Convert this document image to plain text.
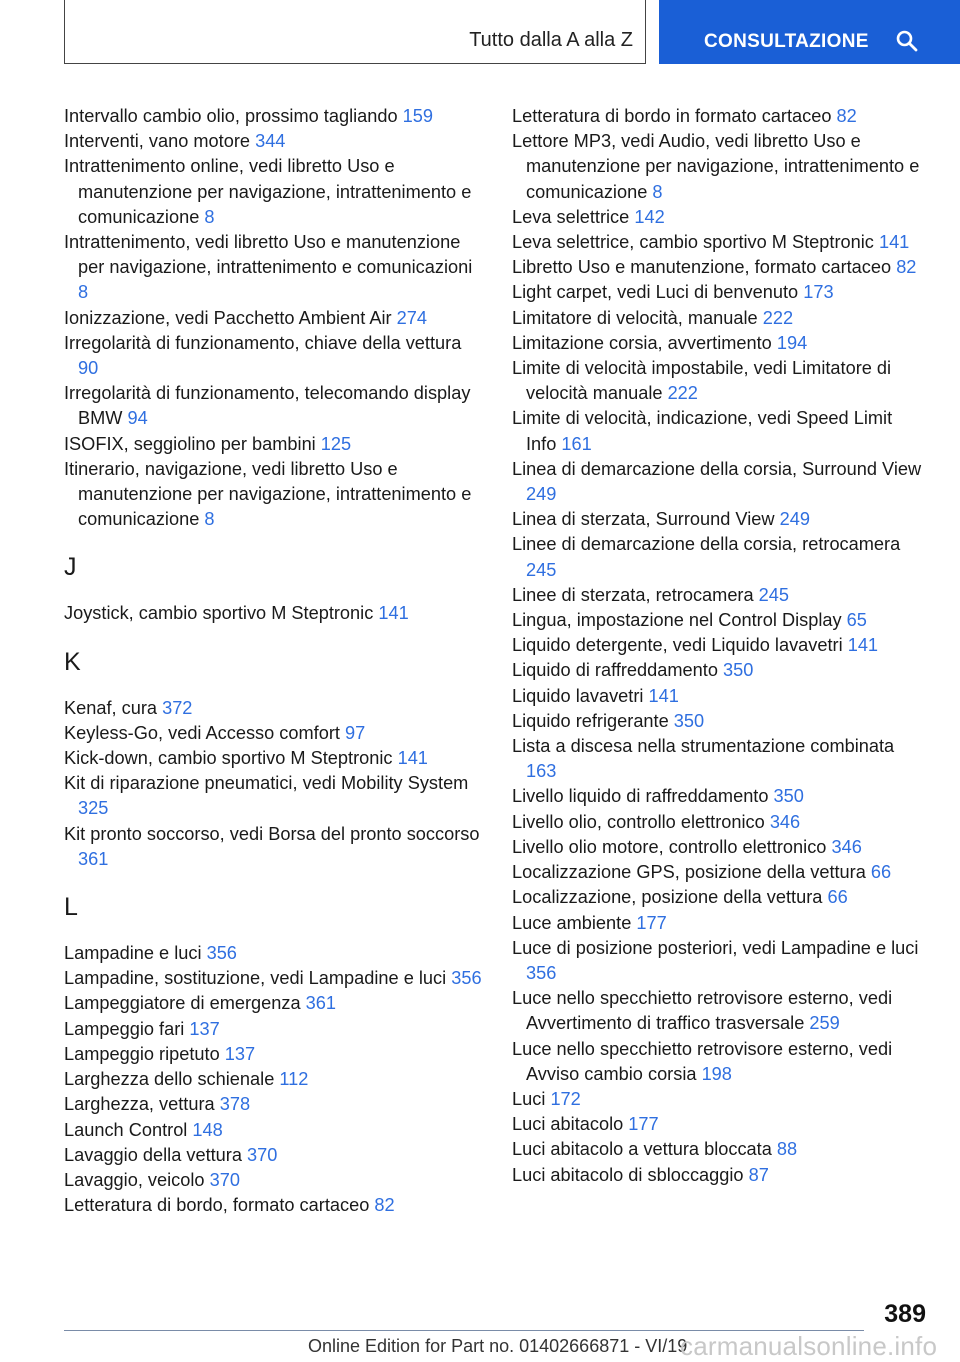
Tutto dalla A alla Z	CONSULTAZIONE

Intervallo cambio olio, prossimo tagliando 159

Interventi, vano motore 344

Intrattenimento online, vedi libretto Uso e manutenzione per navigazione, intrattenimento e comunicazione 8

Intrattenimento, vedi libretto Uso e manutenzione per navigazione, intrattenimento e comunicazioni 8

Ionizzazione, vedi Pacchetto Ambient Air 274

Irregolarità di funzionamento, chiave della vettura 90

Irregolarità di funzionamento, telecomando display BMW 94

ISOFIX, seggiolino per bambini 125

Itinerario, navigazione, vedi libretto Uso e manutenzione per navigazione, intrattenimento e comunicazione 8

J

Joystick, cambio sportivo M Steptronic 141

K

Kenaf, cura 372

Keyless-Go, vedi Accesso comfort 97

Kick-down, cambio sportivo M Steptronic 141

Kit di riparazione pneumatici, vedi Mobility System 325

Kit pronto soccorso, vedi Borsa del pronto soccorso 361

L

Lampadine e luci 356

Lampadine, sostituzione, vedi Lampadine e luci 356

Lampeggiatore di emergenza 361

Lampeggio fari 137

Lampeggio ripetuto 137

Larghezza dello schienale 112

Larghezza, vettura 378

Launch Control 148

Lavaggio della vettura 370

Lavaggio, veicolo 370

Letteratura di bordo, formato cartaceo 82

Letteratura di bordo in formato cartaceo 82

Lettore MP3, vedi Audio, vedi libretto Uso e manutenzione per navigazione, intrattenimento e comunicazione 8

Leva selettrice 142

Leva selettrice, cambio sportivo M Steptronic 141

Libretto Uso e manutenzione, formato cartaceo 82

Light carpet, vedi Luci di benvenuto 173

Limitatore di velocità, manuale 222

Limitazione corsia, avvertimento 194

Limite di velocità impostabile, vedi Limitatore di velocità manuale 222

Limite di velocità, indicazione, vedi Speed Limit Info 161

Linea di demarcazione della corsia, Surround View 249

Linea di sterzata, Surround View 249

Linee di demarcazione della corsia, retrocamera 245

Linee di sterzata, retrocamera 245

Lingua, impostazione nel Control Display 65

Liquido detergente, vedi Liquido lavavetri 141

Liquido di raffreddamento 350

Liquido lavavetri 141

Liquido refrigerante 350

Lista a discesa nella strumentazione combinata 163

Livello liquido di raffreddamento 350

Livello olio, controllo elettronico 346

Livello olio motore, controllo elettronico 346

Localizzazione GPS, posizione della vettura 66

Localizzazione, posizione della vettura 66

Luce ambiente 177

Luce di posizione posteriori, vedi Lampadine e luci 356

Luce nello specchietto retrovisore esterno, vedi Avvertimento di traffico trasversale 259

Luce nello specchietto retrovisore esterno, vedi Avviso cambio corsia 198

Luci 172

Luci abitacolo 177

Luci abitacolo a vettura bloccata 88

Luci abitacolo di sbloccaggio 87

389
Online Edition for Part no. 01402666871 - VI/19
carmanualsonline.info
